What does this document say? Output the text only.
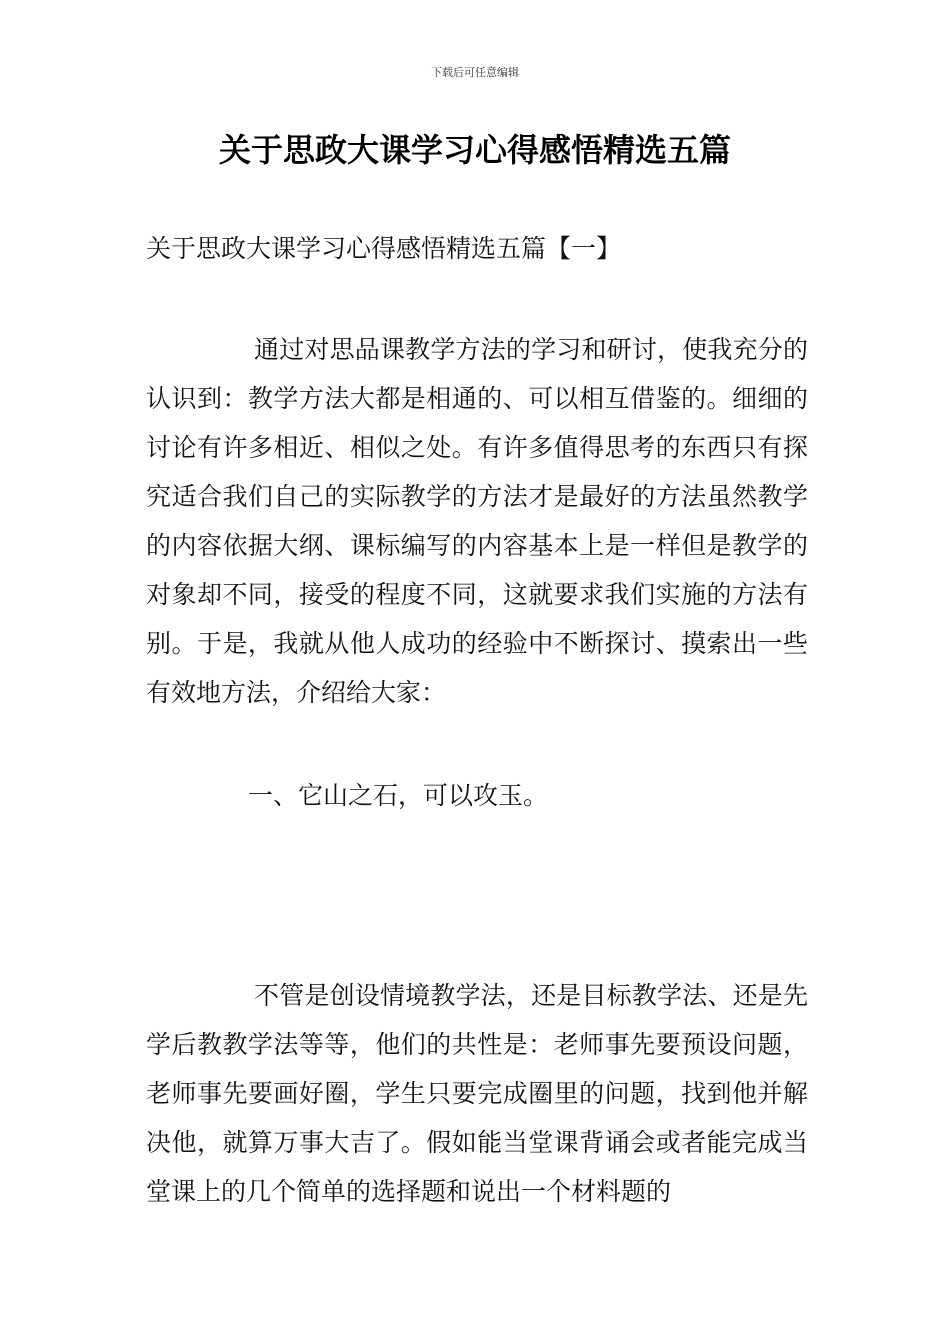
下载后可任意编辑
关于思政大课学习心得感悟精选五篇
关于思政大课学习心得感悟精选五篇【一】

通过对思品课教学方法的学习和研讨，使我充分的认识到：教学方法大都是相通的、可以相互借鉴的。细细的讨论有许多相近、相似之处。有许多值得思考的东西只有探究适合我们自己的实际教学的方法才是最好的方法虽然教学的内容依据大纲、课标编写的内容基本上是一样但是教学的对象却不同，接受的程度不同，这就要求我们实施的方法有别。于是，我就从他人成功的经验中不断探讨、摸索出一些有效地方法，介绍给大家：

一、它山之石，可以攻玉。

不管是创设情境教学法，还是目标教学法、还是先学后教教学法等等，他们的共性是：老师事先要预设问题，老师事先要画好圈，学生只要完成圈里的问题，找到他并解决他，就算万事大吉了。假如能当堂课背诵会或者能完成当堂课上的几个简单的选择题和说出一个材料题的
